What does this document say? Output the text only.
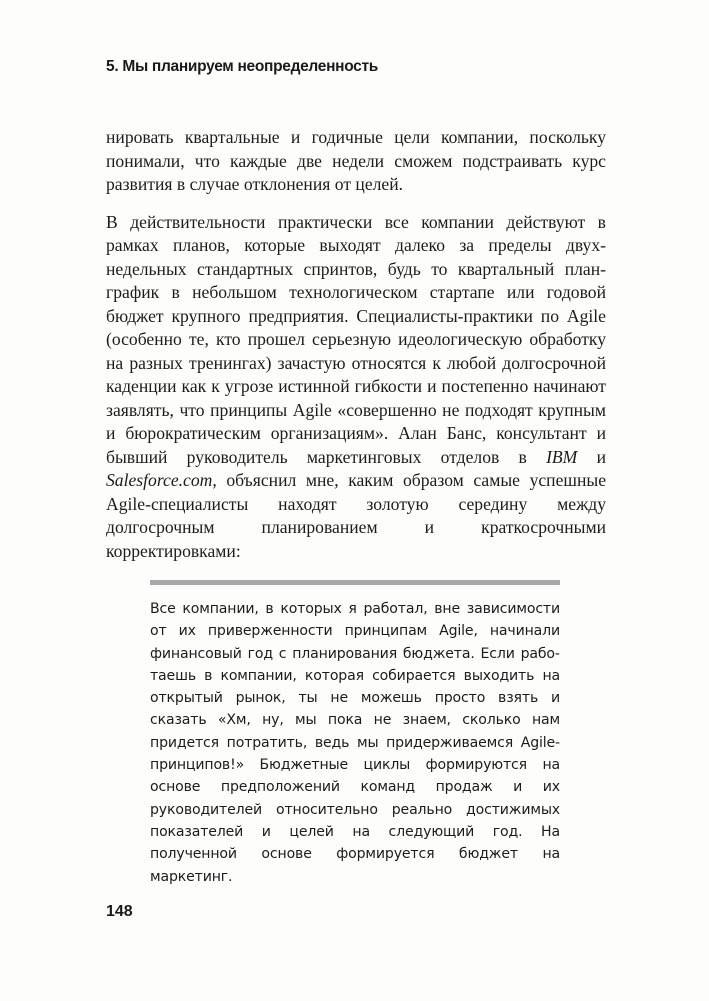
5. Мы планируем неопределенность

нировать квартальные и годичные цели компании, поскольку понимали, что каждые две недели сможем подстраивать курс развития в случае отклонения от целей.

В действительности практически все компании действуют в рамках планов, которые выходят далеко за пределы двухнедельных стандартных спринтов, будь то квартальный план-график в небольшом технологическом стартапе или годовой бюджет крупного предприятия. Специалисты-практики по Agile (особенно те, кто прошел серьезную идеологическую обработку на разных тренингах) зачастую относятся к любой долгосрочной каденции как к угрозе истинной гибкости и постепенно начинают заявлять, что принципы Agile «совершенно не подходят крупным и бюрократическим организациям». Алан Банс, консультант и бывший руководитель маркетинговых отделов в IBM и Salesforce.com, объяснил мне, каким образом самые успешные Agile-специалисты находят золотую середину между долгосрочным планированием и краткосрочными корректировками:

Все компании, в которых я работал, вне зависимости от их приверженности принципам Agile, начинали финансовый год с планирования бюджета. Если работаешь в компании, которая собирается выходить на открытый рынок, ты не можешь просто взять и сказать «Хм, ну, мы пока не знаем, сколько нам придется потратить, ведь мы придерживаемся Agile-принципов!» Бюджетные циклы формируются на основе предположений команд продаж и их руководителей относительно реально достижимых показателей и целей на следующий год. На полученной основе формируется бюджет на маркетинг.

148
